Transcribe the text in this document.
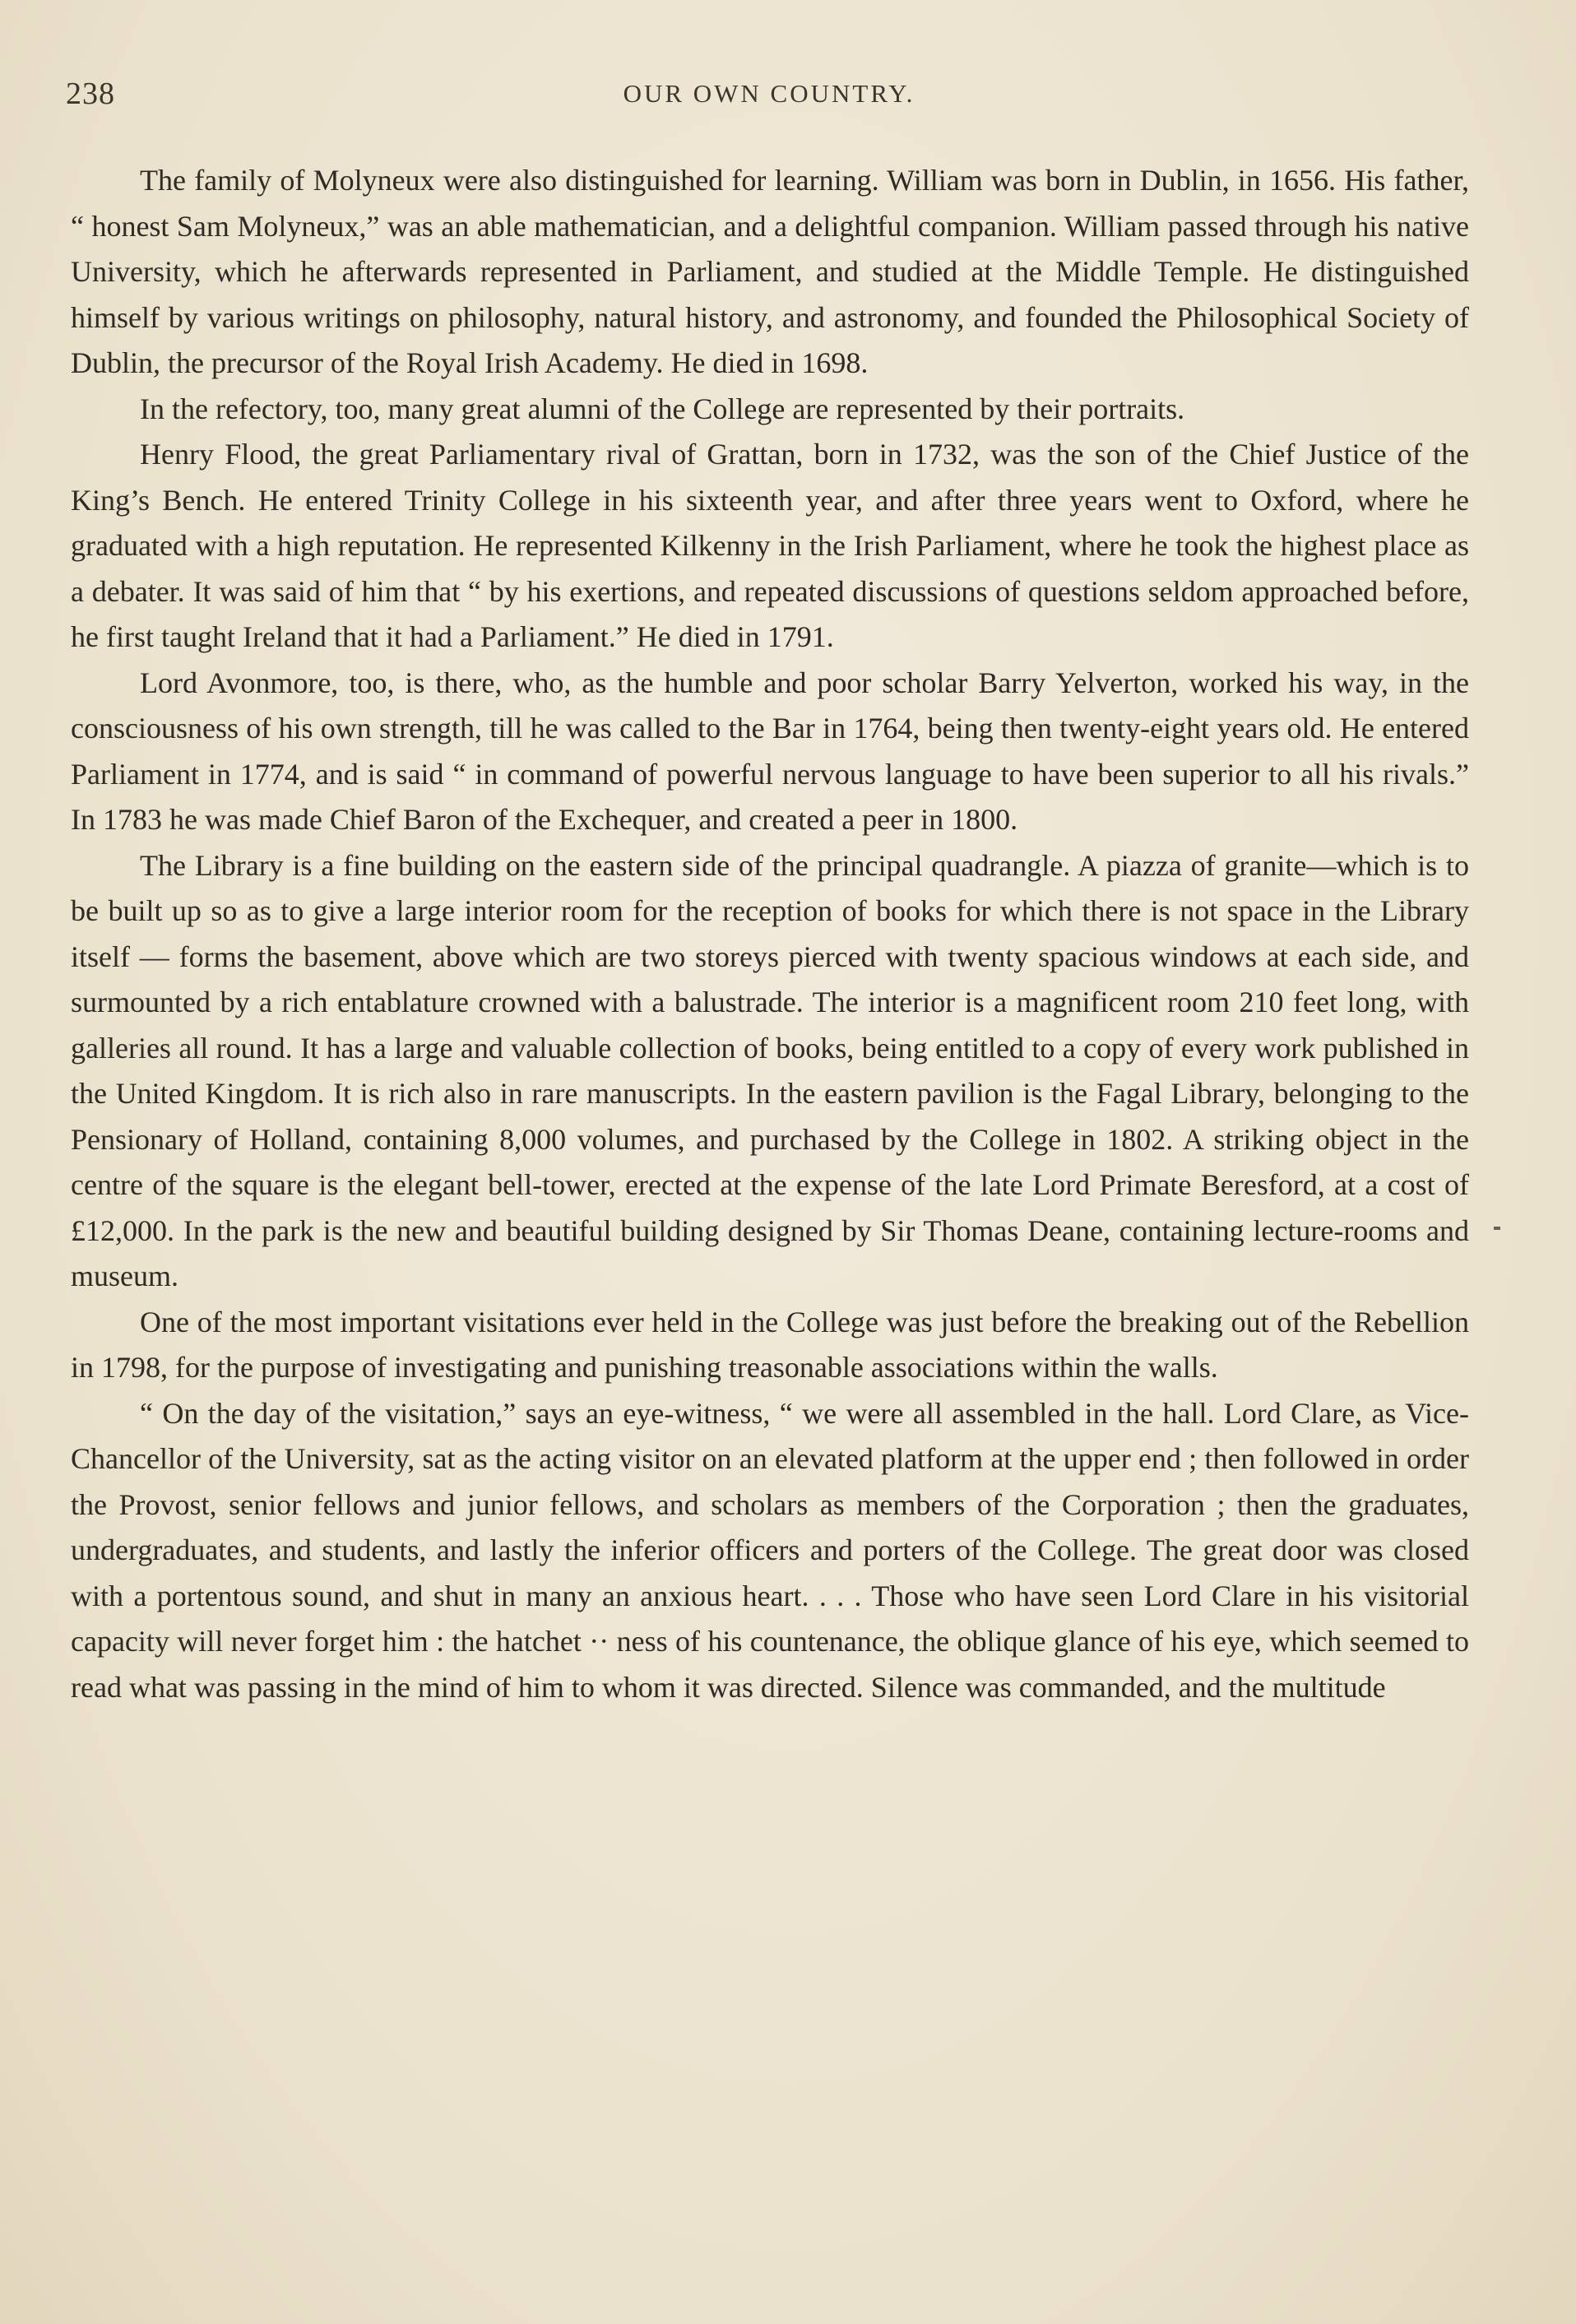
238	OUR OWN COUNTRY.

The family of Molyneux were also distinguished for learning. William was born in Dublin, in 1656. His father, “ honest Sam Molyneux,” was an able mathematician, and a delightful companion. William passed through his native University, which he afterwards represented in Parliament, and studied at the Middle Temple. He distinguished himself by various writings on philosophy, natural history, and astronomy, and founded the Philosophical Society of Dublin, the precursor of the Royal Irish Academy. He died in 1698.

In the refectory, too, many great alumni of the College are represented by their portraits.

Henry Flood, the great Parliamentary rival of Grattan, born in 1732, was the son of the Chief Justice of the King’s Bench. He entered Trinity College in his sixteenth year, and after three years went to Oxford, where he graduated with a high reputation. He represented Kilkenny in the Irish Parliament, where he took the highest place as a debater. It was said of him that “ by his exertions, and repeated discussions of questions seldom approached before, he first taught Ireland that it had a Parliament.” He died in 1791.

Lord Avonmore, too, is there, who, as the humble and poor scholar Barry Yelverton, worked his way, in the consciousness of his own strength, till he was called to the Bar in 1764, being then twenty-eight years old. He entered Parliament in 1774, and is said “ in command of powerful nervous language to have been superior to all his rivals.” In 1783 he was made Chief Baron of the Exchequer, and created a peer in 1800.

The Library is a fine building on the eastern side of the principal quadrangle. A piazza of granite—which is to be built up so as to give a large interior room for the reception of books for which there is not space in the Library itself — forms the basement, above which are two storeys pierced with twenty spacious windows at each side, and surmounted by a rich entablature crowned with a balustrade. The interior is a magnificent room 210 feet long, with galleries all round. It has a large and valuable collection of books, being entitled to a copy of every work published in the United Kingdom. It is rich also in rare manuscripts. In the eastern pavilion is the Fagal Library, belonging to the Pensionary of Holland, containing 8,000 volumes, and purchased by the College in 1802. A striking object in the centre of the square is the elegant bell-tower, erected at the expense of the late Lord Primate Beresford, at a cost of £12,000. In the park is the new and beautiful building designed by Sir Thomas Deane, containing lecture-rooms and museum.

One of the most important visitations ever held in the College was just before the breaking out of the Rebellion in 1798, for the purpose of investigating and punishing treasonable associations within the walls.

“ On the day of the visitation,” says an eye-witness, “ we were all assembled in the hall. Lord Clare, as Vice-Chancellor of the University, sat as the acting visitor on an elevated platform at the upper end ; then followed in order the Provost, senior fellows and junior fellows, and scholars as members of the Corporation ; then the graduates, undergraduates, and students, and lastly the inferior officers and porters of the College. The great door was closed with a portentous sound, and shut in many an anxious heart. . . . Those who have seen Lord Clare in his visitorial capacity will never forget him : the hatchet ·· ness of his countenance, the oblique glance of his eye, which seemed to read what was passing in the mind of him to whom it was directed. Silence was commanded, and the multitude
